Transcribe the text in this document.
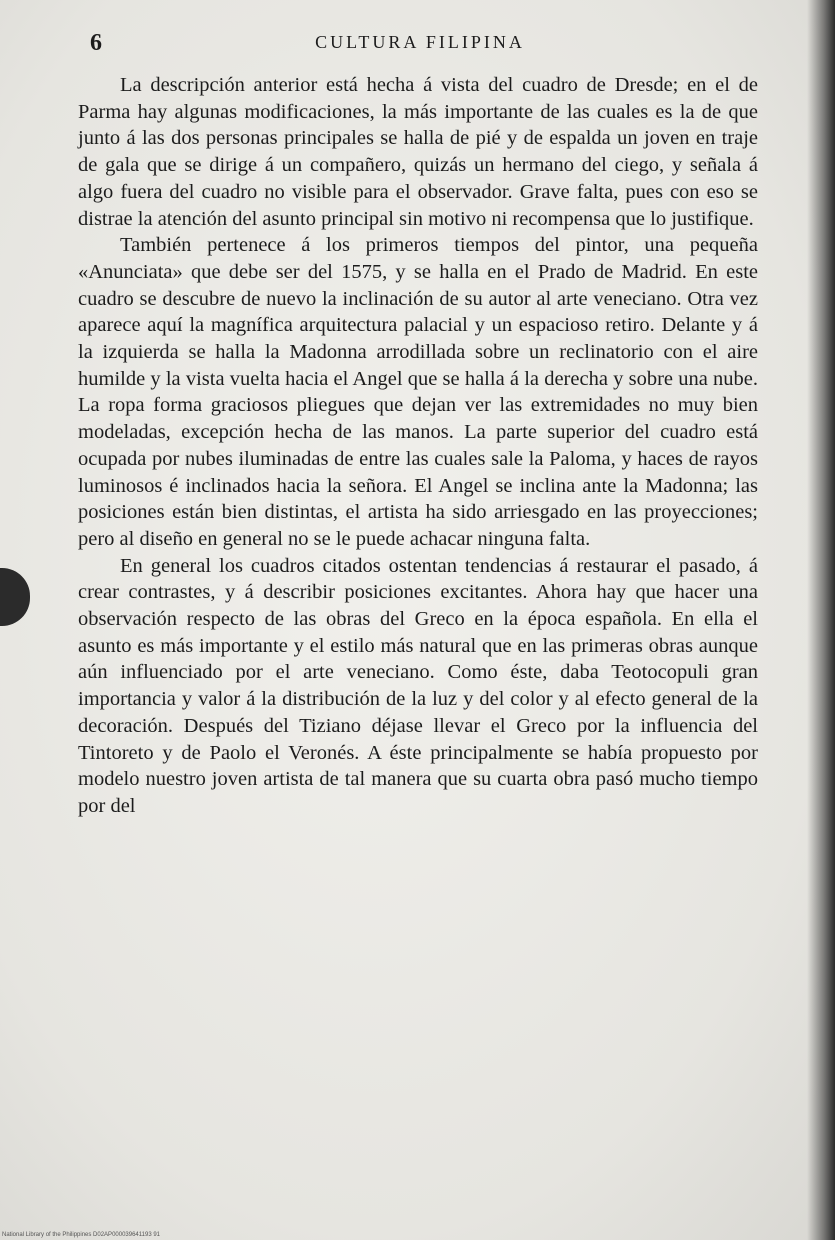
6	CULTURA FILIPINA

La descripción anterior está hecha á vista del cuadro de Dresde; en el de Parma hay algunas modificaciones, la más importante de las cuales es la de que junto á las dos personas principales se halla de pié y de espalda un joven en traje de gala que se dirige á un compañero, quizás un hermano del ciego, y señala á algo fuera del cuadro no visible para el observador. Grave falta, pues con eso se distrae la atención del asunto principal sin motivo ni recompensa que lo justifique.

También pertenece á los primeros tiempos del pintor, una pequeña «Anunciata» que debe ser del 1575, y se halla en el Prado de Madrid. En este cuadro se descubre de nuevo la inclinación de su autor al arte veneciano. Otra vez aparece aquí la magnífica arquitectura palacial y un espacioso retiro. Delante y á la izquierda se halla la Madonna arrodillada sobre un reclinatorio con el aire humilde y la vista vuelta hacia el Angel que se halla á la derecha y sobre una nube. La ropa forma graciosos pliegues que dejan ver las extremidades no muy bien modeladas, excepción hecha de las manos. La parte superior del cuadro está ocupada por nubes iluminadas de entre las cuales sale la Paloma, y haces de rayos luminosos é inclinados hacia la señora. El Angel se inclina ante la Madonna; las posiciones están bien distintas, el artista ha sido arriesgado en las proyecciones; pero al diseño en general no se le puede achacar ninguna falta.

En general los cuadros citados ostentan tendencias á restaurar el pasado, á crear contrastes, y á describir posiciones excitantes. Ahora hay que hacer una observación respecto de las obras del Greco en la época española. En ella el asunto es más importante y el estilo más natural que en las primeras obras aunque aún influenciado por el arte veneciano. Como éste, daba Teotocopuli gran importancia y valor á la distribución de la luz y del color y al efecto general de la decoración. Después del Tiziano déjase llevar el Greco por la influencia del Tintoreto y de Paolo el Veronés. A éste principalmente se había propuesto por modelo nuestro joven artista de tal manera que su cuarta obra pasó mucho tiempo por del

National Library of the Philippines D02AP000039641193 91
